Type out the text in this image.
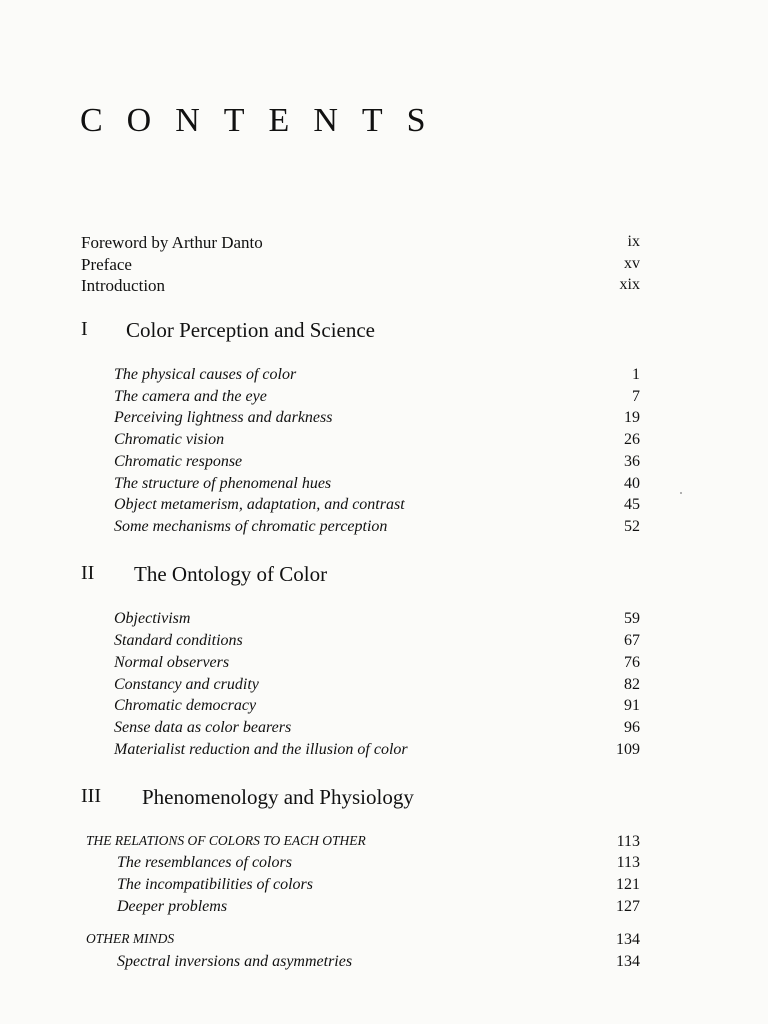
CONTENTS
Foreword by Arthur Danto	ix
Preface	xv
Introduction	xix
I Color Perception and Science
The physical causes of color	1
The camera and the eye	7
Perceiving lightness and darkness	19
Chromatic vision	26
Chromatic response	36
The structure of phenomenal hues	40
Object metamerism, adaptation, and contrast	45
Some mechanisms of chromatic perception	52
II The Ontology of Color
Objectivism	59
Standard conditions	67
Normal observers	76
Constancy and crudity	82
Chromatic democracy	91
Sense data as color bearers	96
Materialist reduction and the illusion of color	109
III Phenomenology and Physiology
THE RELATIONS OF COLORS TO EACH OTHER	113
The resemblances of colors	113
The incompatibilities of colors	121
Deeper problems	127
OTHER MINDS	134
Spectral inversions and asymmetries	134
